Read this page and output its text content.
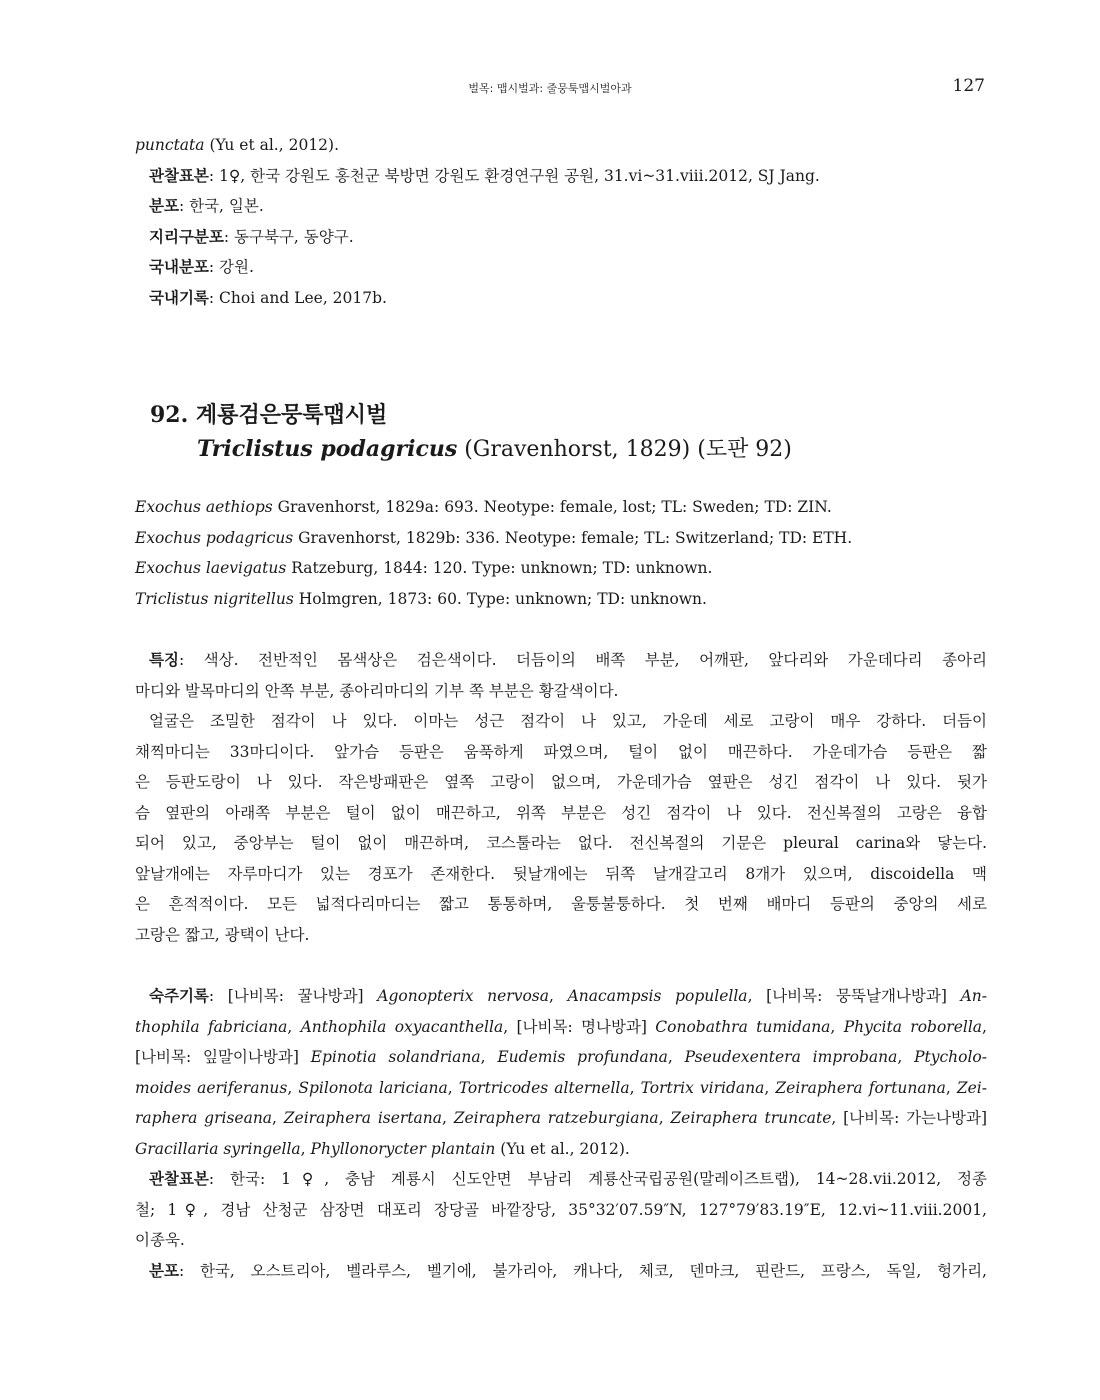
벌목: 맵시벌과: 줄뭉툭맵시벌아과	127
punctata (Yu et al., 2012).
관찰표본: 1♀, 한국 강원도 홍천군 북방면 강원도 환경연구원 공원, 31.vi~31.viii.2012, SJ Jang.
분포: 한국, 일본.
지리구분포: 동구북구, 동양구.
국내분포: 강원.
국내기록: Choi and Lee, 2017b.
92. 계룡검은뭉툭맵시벌
Triclistus podagricus (Gravenhorst, 1829) (도판 92)
Exochus aethiops Gravenhorst, 1829a: 693. Neotype: female, lost; TL: Sweden; TD: ZIN.
Exochus podagricus Gravenhorst, 1829b: 336. Neotype: female; TL: Switzerland; TD: ETH.
Exochus laevigatus Ratzeburg, 1844: 120. Type: unknown; TD: unknown.
Triclistus nigritellus Holmgren, 1873: 60. Type: unknown; TD: unknown.
특징: 색상. 전반적인 몸색상은 검은색이다. 더듬이의 배쪽 부분, 어깨판, 앞다리와 가운데다리 종아리
마디와 발목마디의 안쪽 부분, 종아리마디의 기부 쪽 부분은 황갈색이다.
얼굴은 조밀한 점각이 나 있다. 이마는 성근 점각이 나 있고, 가운데 세로 고랑이 매우 강하다. 더듬이
채찍마디는 33마디이다. 앞가슴 등판은 움푹하게 파였으며, 털이 없이 매끈하다. 가운데가슴 등판은 짧
은 등판도랑이 나 있다. 작은방패판은 옆쪽 고랑이 없으며, 가운데가슴 옆판은 성긴 점각이 나 있다. 뒷가
슴 옆판의 아래쪽 부분은 털이 없이 매끈하고, 위쪽 부분은 성긴 점각이 나 있다. 전신복절의 고랑은 융합
되어 있고, 중앙부는 털이 없이 매끈하며, 코스툴라는 없다. 전신복절의 기문은 pleural carina와 닿는다.
앞날개에는 자루마디가 있는 경포가 존재한다. 뒷날개에는 뒤쪽 날개갈고리 8개가 있으며, discoidella 맥
은 흔적적이다. 모든 넓적다리마디는 짧고 통통하며, 울퉁불퉁하다. 첫 번째 배마디 등판의 중앙의 세로
고랑은 짧고, 광택이 난다.
숙주기록: [나비목: 꿀나방과] Agonopterix nervosa, Anacampsis populella, [나비목: 뭉뚝날개나방과] An-
thophila fabriciana, Anthophila oxyacanthella, [나비목: 명나방과] Conobathra tumidana, Phycita roborella,
[나비목: 잎말이나방과] Epinotia solandriana, Eudemis profundana, Pseudexentera improbana, Ptycholo-
moides aeriferanus, Spilonota lariciana, Tortricodes alternella, Tortrix viridana, Zeiraphera fortunana, Zei-
raphera griseana, Zeiraphera isertana, Zeiraphera ratzeburgiana, Zeiraphera truncate, [나비목: 가는나방과]
Gracillaria syringella, Phyllonorycter plantain (Yu et al., 2012).
관찰표본: 한국: 1♀, 충남 계룡시 신도안면 부남리 계룡산국립공원(말레이즈트랩), 14~28.vii.2012, 정종
철; 1♀, 경남 산청군 삼장면 대포리 장당골 바깥장당, 35°32′07.59″N, 127°79′83.19″E, 12.vi~11.viii.2001,
이종욱.
분포: 한국, 오스트리아, 벨라루스, 벨기에, 불가리아, 캐나다, 체코, 덴마크, 핀란드, 프랑스, 독일, 헝가리,
